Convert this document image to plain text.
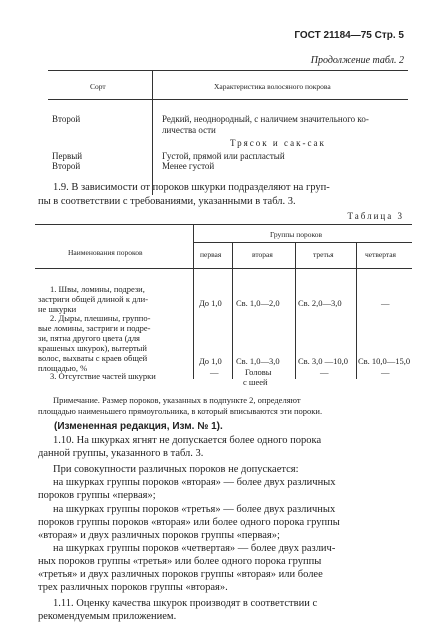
ГОСТ 21184—75 Стр. 5
Продолжение табл. 2
Сорт	Характеристика волосяного покрова
Второй	Редкий, неоднородный, с наличием значительного ко-
личества ости
Трясок и сак-сак
Первый	Густой, прямой или распластый
Второй	Менее густой
1.9. В зависимости от пороков шкурки подразделяют на груп-
пы в соответствии с требованиями, указанными в табл. 3.
Таблица 3
Наименования пороков
Группы пороков
первая	вторая	третья	четвертая
1. Швы, ломины, подрези,
застриги общей длиной к дли-
не шкурки
До 1,0 Св. 1,0—2,0 Св. 2,0—3,0	—
2. Дыры, плешины, группо-
вые ломины, застриги и подре-
зи, пятна другого цвета (для
крашеных шкурок), вытертый
волос, выхваты с краев общей
площадью, %
До 1,0 Св. 1,0—3,0 Св. 3,0 —10,0 Св. 10,0—15,0
3. Отсутствие частей шкурки	—	Головы	—	—
с шеей
Примечание. Размер пороков, указанных в подпункте 2, определяют
площадью наименьшего прямоугольника, в который вписываются эти пороки.
(Измененная редакция, Изм. № 1).
1.10. На шкурках ягнят не допускается более одного порока
данной группы, указанного в табл. 3.
При совокупности различных пороков не допускается:
на шкурках группы пороков «вторая» — более двух различных
пороков группы «первая»;
на шкурках группы пороков «третья» — более двух различных
пороков группы пороков «вторая» или более одного порока группы
«вторая» и двух различных пороков группы «первая»;
на шкурках группы пороков «четвертая» — более двух различ-
ных пороков группы «третья» или более одного порока группы
«третья» и двух различных пороков группы «вторая» или более
трех различных пороков группы «вторая».
1.11. Оценку качества шкурок производят в соответствии с
рекомендуемым приложением.
